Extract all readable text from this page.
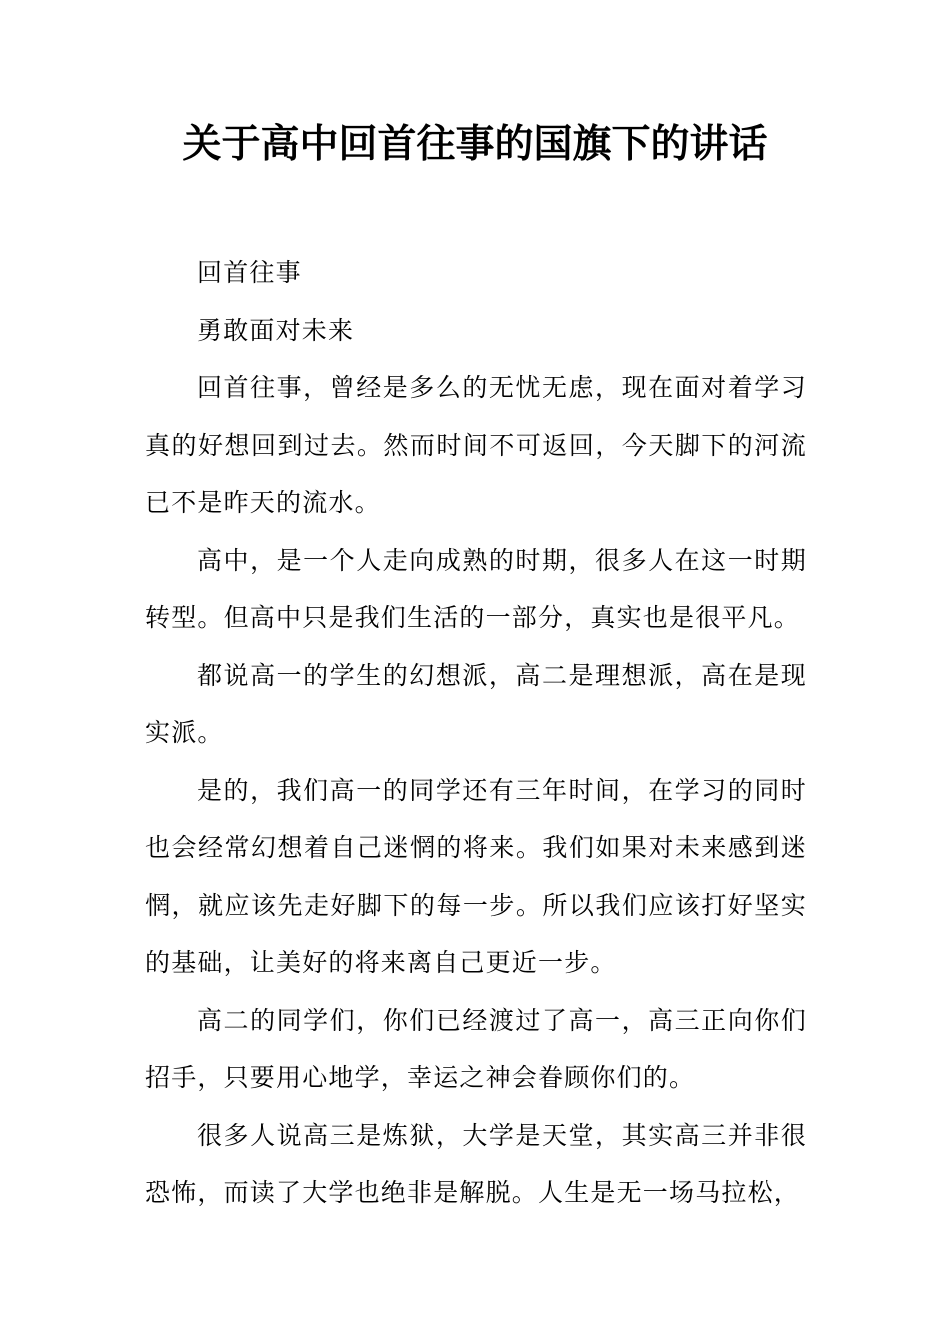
关于高中回首往事的国旗下的讲话

回首往事

勇敢面对未来

回首往事，曾经是多么的无忧无虑，现在面对着学习真的好想回到过去。然而时间不可返回，今天脚下的河流已不是昨天的流水。

高中，是一个人走向成熟的时期，很多人在这一时期转型。但高中只是我们生活的一部分，真实也是很平凡。

都说高一的学生的幻想派，高二是理想派，高在是现实派。

是的，我们高一的同学还有三年时间，在学习的同时也会经常幻想着自己迷惘的将来。我们如果对未来感到迷惘，就应该先走好脚下的每一步。所以我们应该打好坚实的基础，让美好的将来离自己更近一步。

高二的同学们，你们已经渡过了高一，高三正向你们招手，只要用心地学，幸运之神会眷顾你们的。

很多人说高三是炼狱，大学是天堂，其实高三并非很恐怖，而读了大学也绝非是解脱。人生是无一场马拉松，
